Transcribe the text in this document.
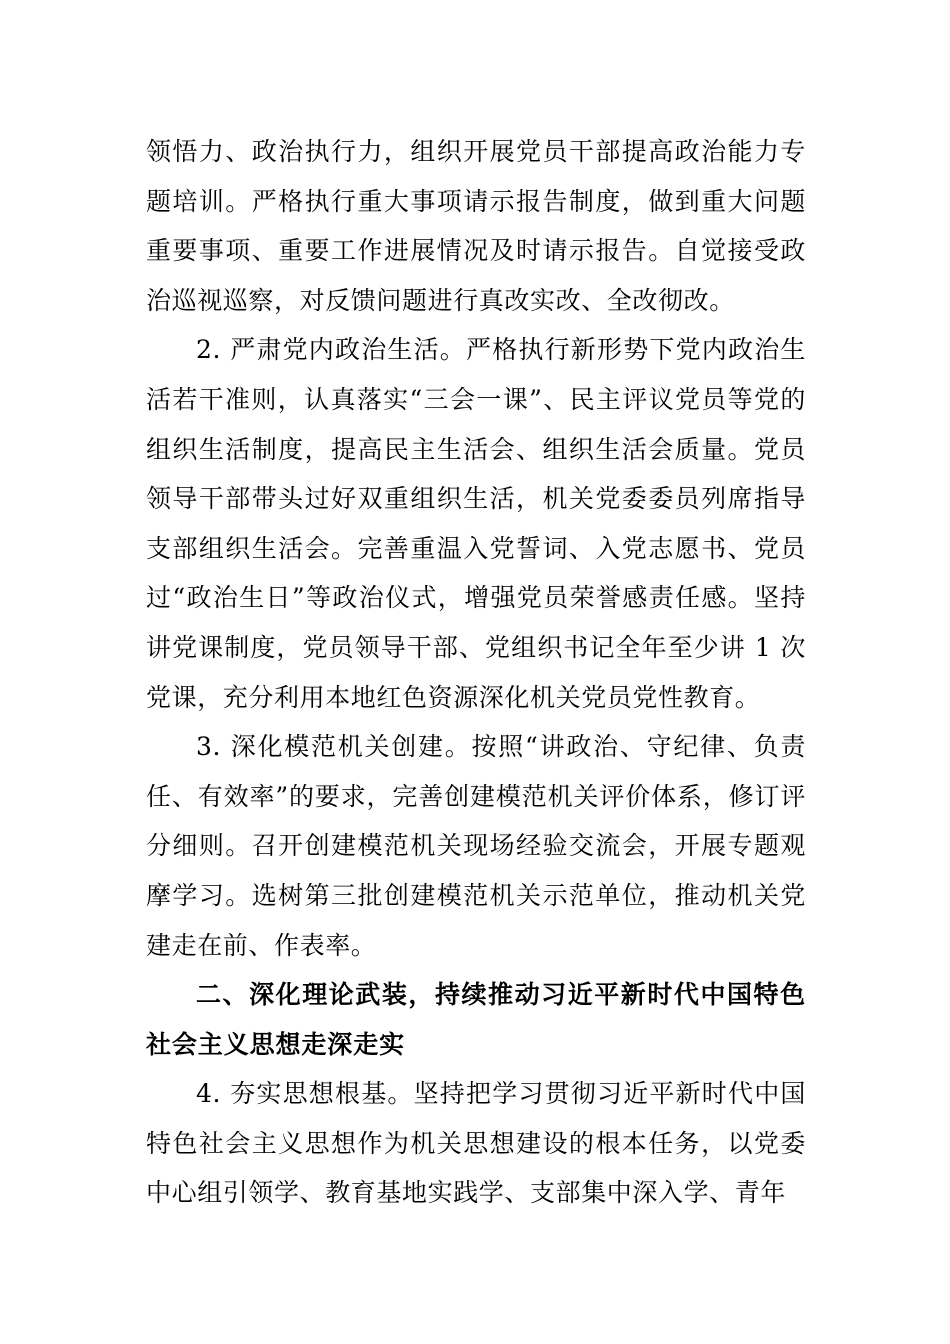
领悟力、政治执行力，组织开展党员干部提高政治能力专题培训。严格执行重大事项请示报告制度，做到重大问题重要事项、重要工作进展情况及时请示报告。自觉接受政治巡视巡察，对反馈问题进行真改实改、全改彻改。

2. 严肃党内政治生活。严格执行新形势下党内政治生活若干准则，认真落实“三会一课”、民主评议党员等党的组织生活制度，提高民主生活会、组织生活会质量。党员领导干部带头过好双重组织生活，机关党委委员列席指导支部组织生活会。完善重温入党誓词、入党志愿书、党员过“政治生日”等政治仪式，增强党员荣誉感责任感。坚持讲党课制度，党员领导干部、党组织书记全年至少讲 1 次党课，充分利用本地红色资源深化机关党员党性教育。

3. 深化模范机关创建。按照“讲政治、守纪律、负责任、有效率”的要求，完善创建模范机关评价体系，修订评分细则。召开创建模范机关现场经验交流会，开展专题观摩学习。选树第三批创建模范机关示范单位，推动机关党建走在前、作表率。

二、深化理论武装，持续推动习近平新时代中国特色社会主义思想走深走实

4. 夯实思想根基。坚持把学习贯彻习近平新时代中国特色社会主义思想作为机关思想建设的根本任务，以党委中心组引领学、教育基地实践学、支部集中深入学、青年
